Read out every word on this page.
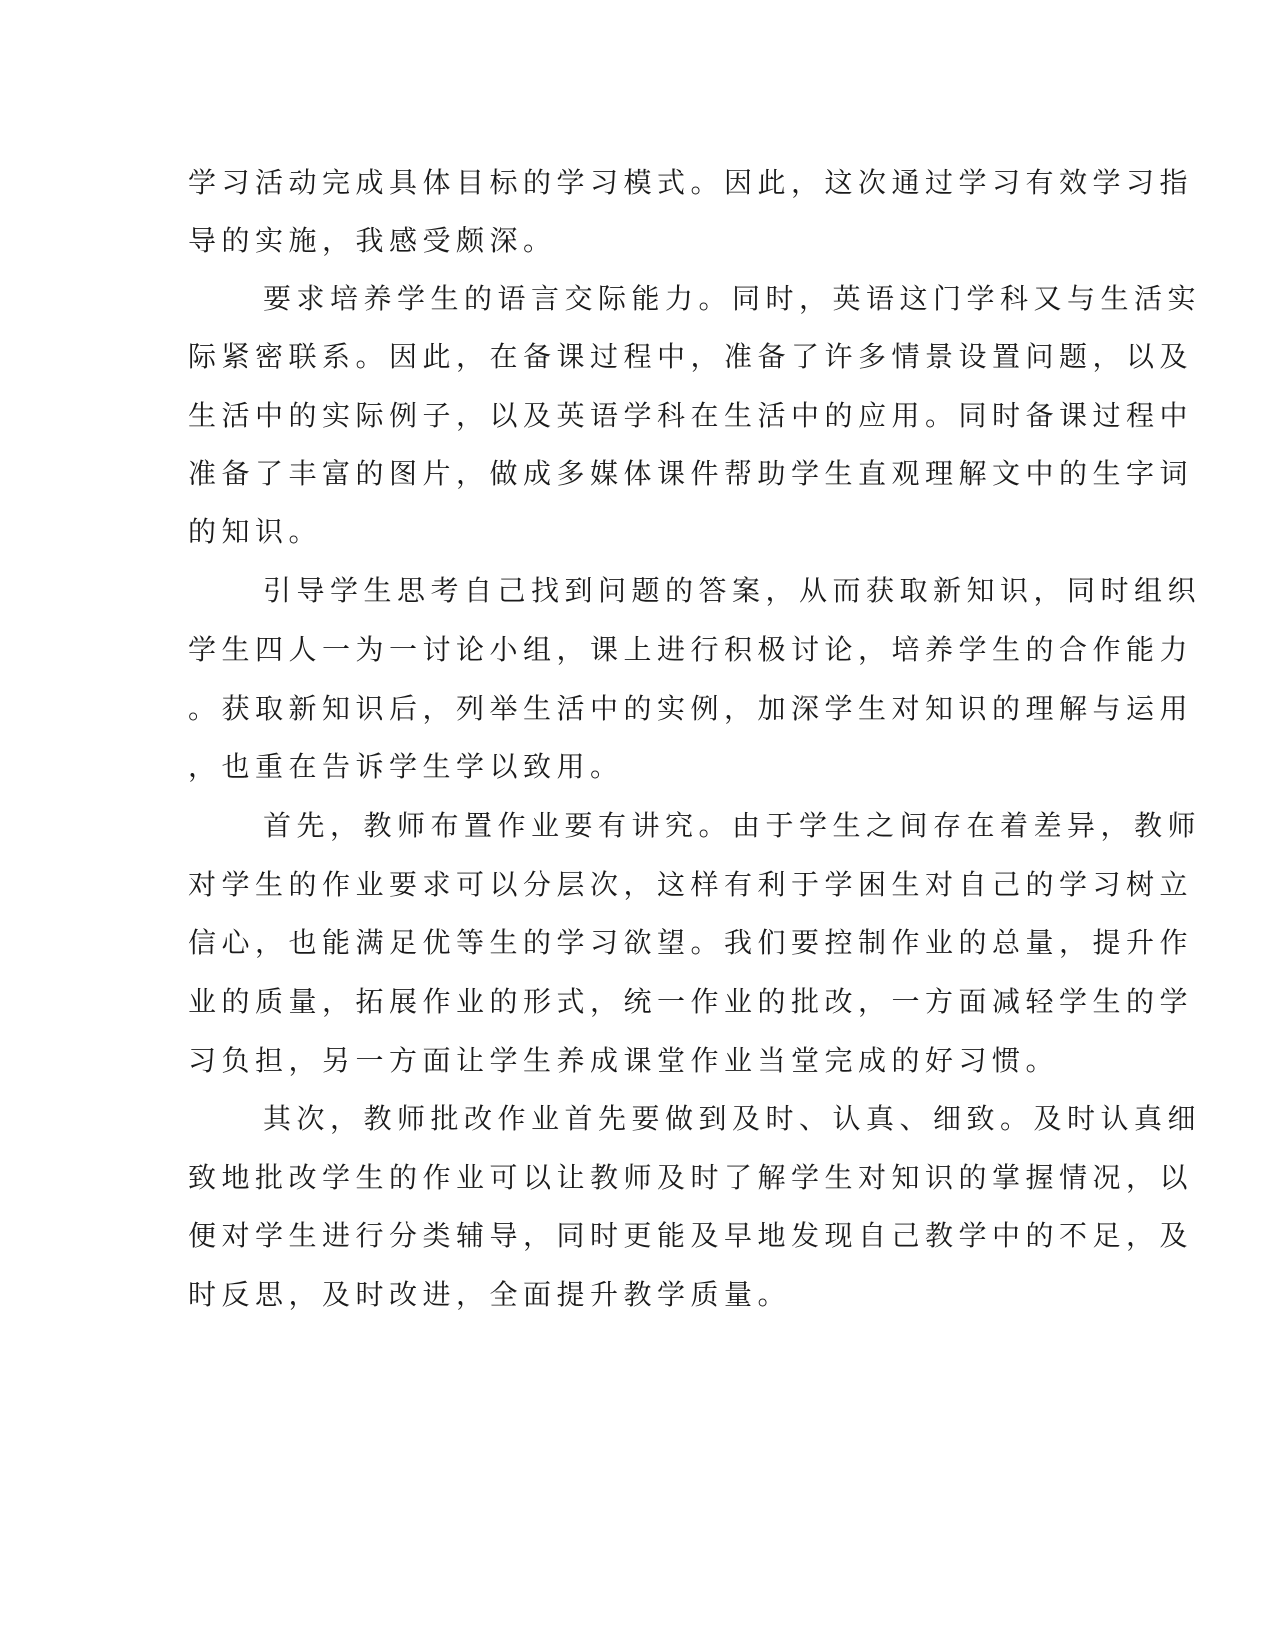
学习活动完成具体目标的学习模式。因此，这次通过学习有效学习指
导的实施，我感受颇深。
要求培养学生的语言交际能力。同时，英语这门学科又与生活实
际紧密联系。因此，在备课过程中，准备了许多情景设置问题，以及
生活中的实际例子，以及英语学科在生活中的应用。同时备课过程中
准备了丰富的图片，做成多媒体课件帮助学生直观理解文中的生字词
的知识。
引导学生思考自己找到问题的答案，从而获取新知识，同时组织
学生四人一为一讨论小组，课上进行积极讨论，培养学生的合作能力
。获取新知识后，列举生活中的实例，加深学生对知识的理解与运用
，也重在告诉学生学以致用。
首先，教师布置作业要有讲究。由于学生之间存在着差异，教师
对学生的作业要求可以分层次，这样有利于学困生对自己的学习树立
信心，也能满足优等生的学习欲望。我们要控制作业的总量，提升作
业的质量，拓展作业的形式，统一作业的批改，一方面减轻学生的学
习负担，另一方面让学生养成课堂作业当堂完成的好习惯。
其次，教师批改作业首先要做到及时、认真、细致。及时认真细
致地批改学生的作业可以让教师及时了解学生对知识的掌握情况，以
便对学生进行分类辅导，同时更能及早地发现自己教学中的不足，及
时反思，及时改进，全面提升教学质量。
